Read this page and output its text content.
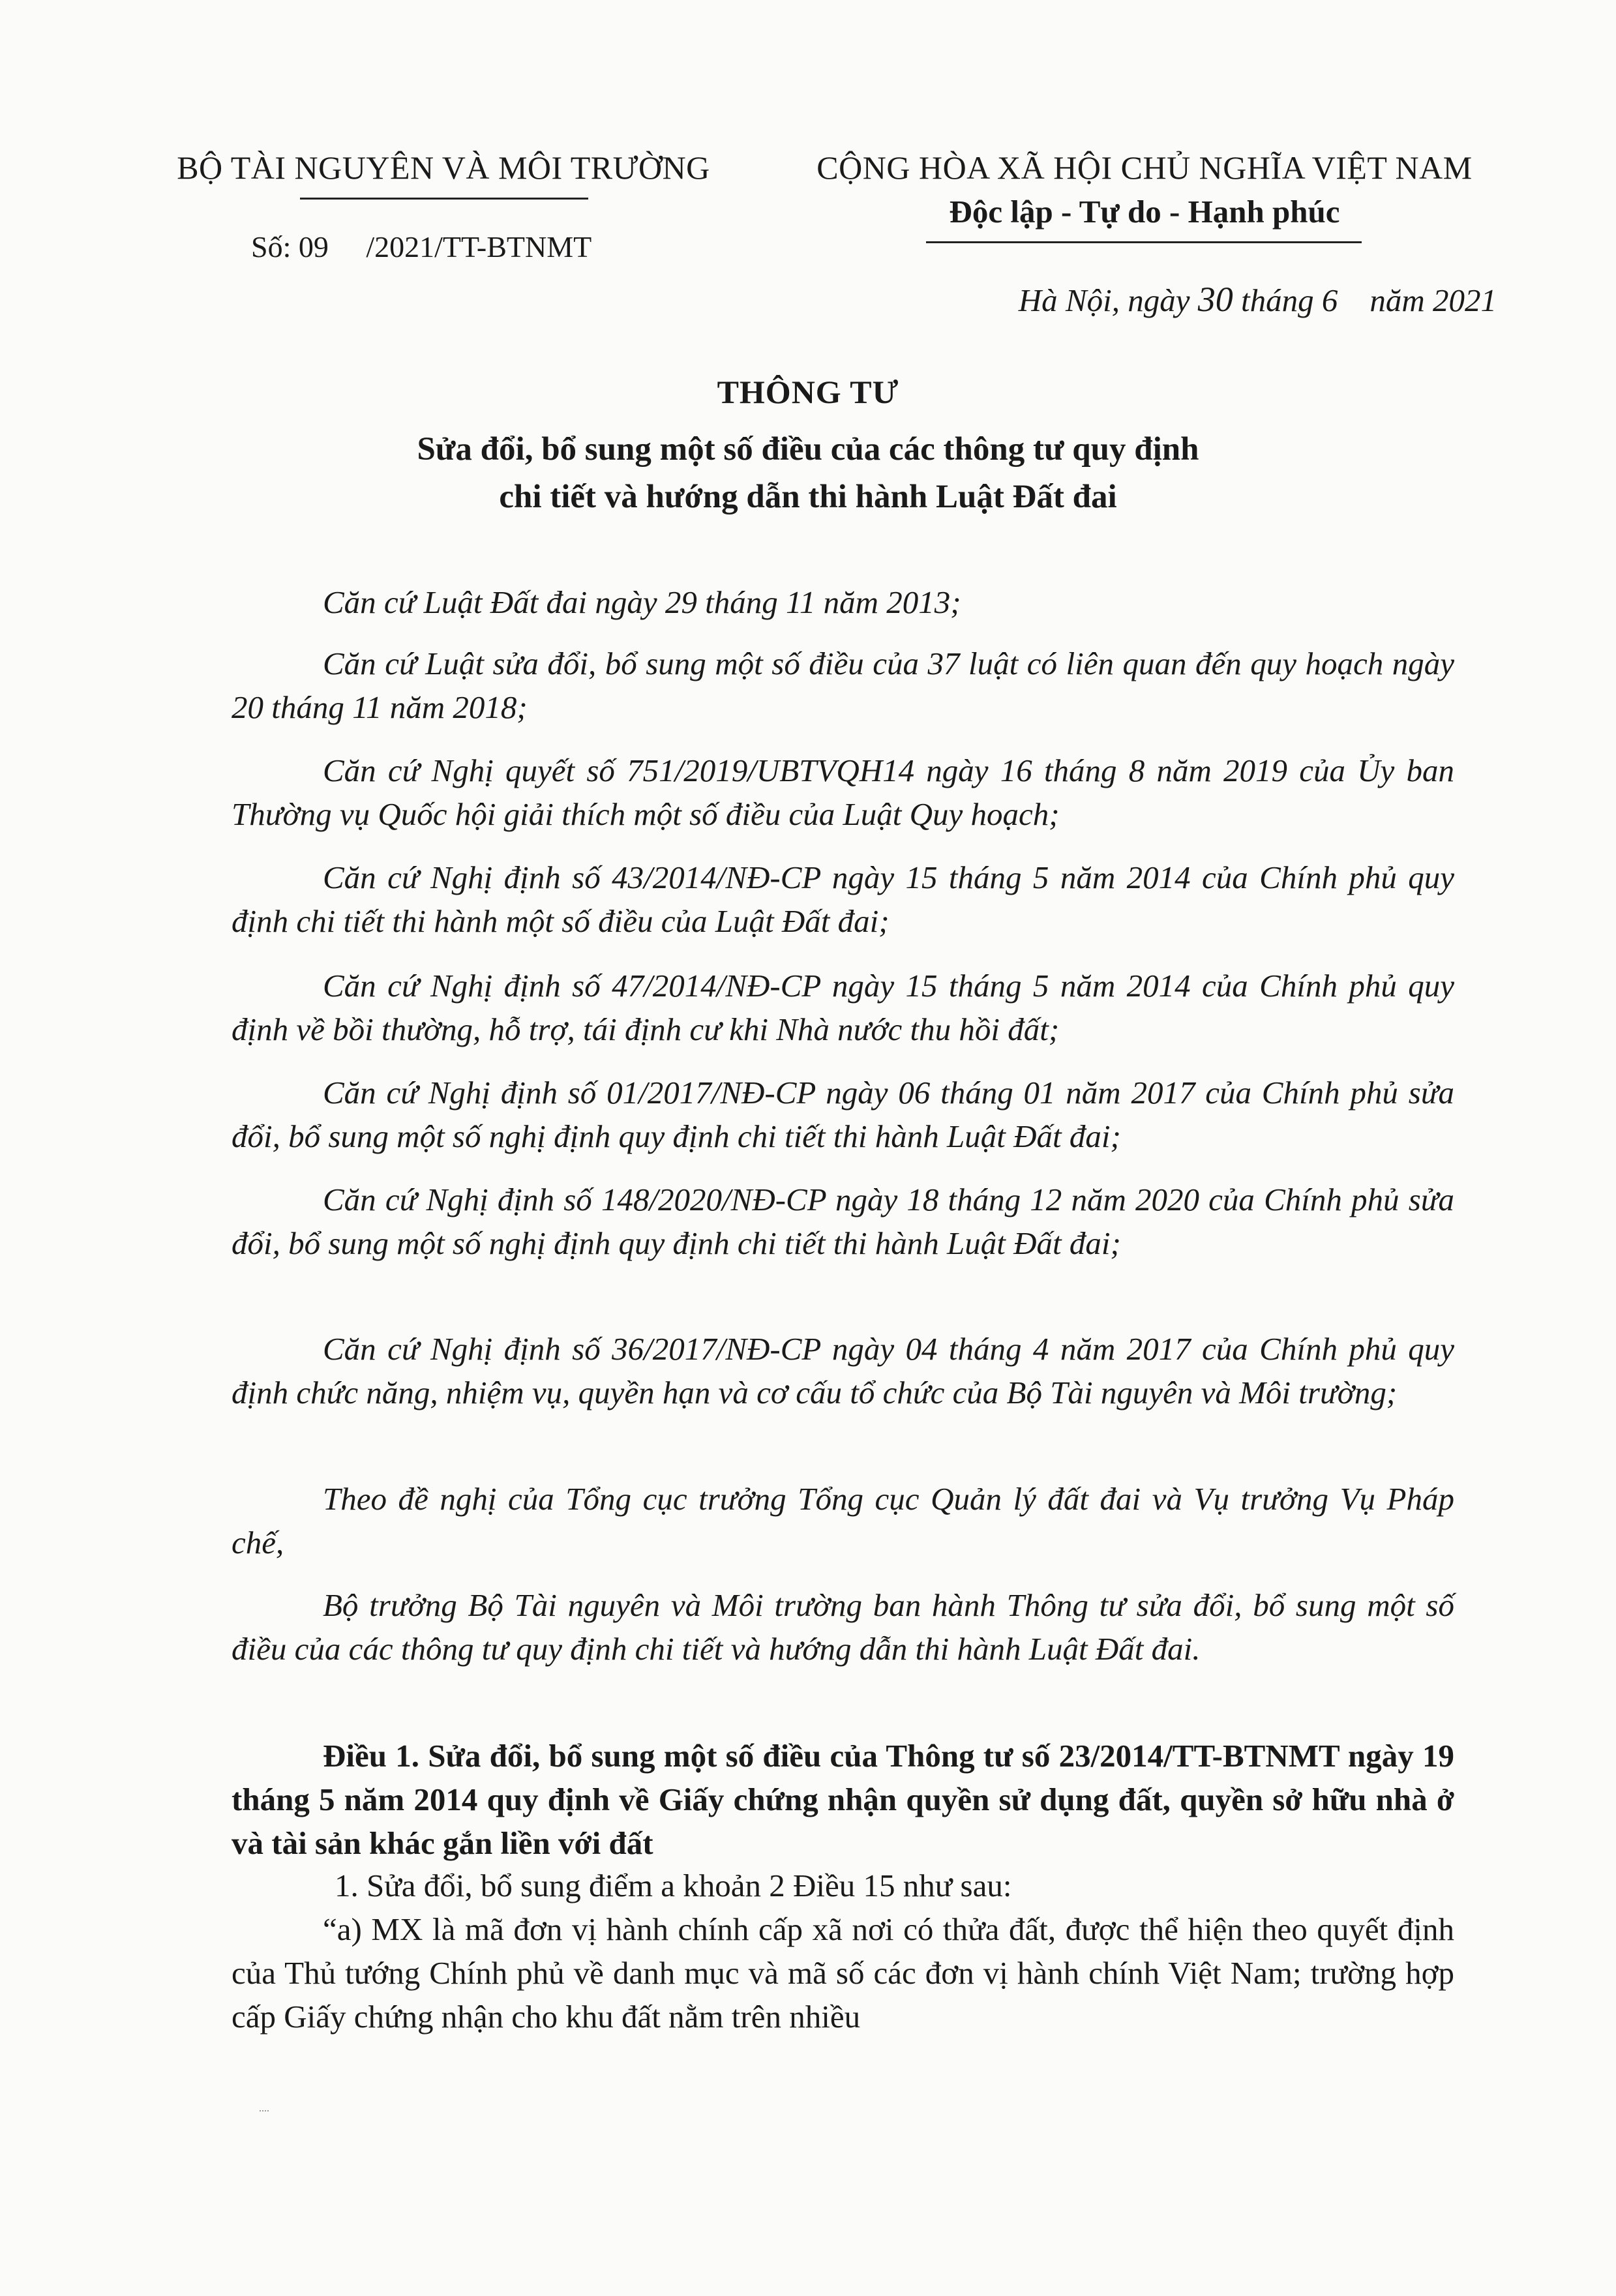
BỘ TÀI NGUYÊN VÀ MÔI TRƯỜNG
Số: 09 /2021/TT-BTNMT
CỘNG HÒA XÃ HỘI CHỦ NGHĨA VIỆT NAM
Độc lập - Tự do - Hạnh phúc
Hà Nội, ngày 30 tháng 6    năm 2021
THÔNG TƯ
Sửa đổi, bổ sung một số điều của các thông tư quy định
chi tiết và hướng dẫn thi hành Luật Đất đai
Căn cứ Luật Đất đai ngày 29 tháng 11 năm 2013;
Căn cứ Luật sửa đổi, bổ sung một số điều của 37 luật có liên quan đến quy hoạch ngày 20 tháng 11 năm 2018;
Căn cứ Nghị quyết số 751/2019/UBTVQH14 ngày 16 tháng 8 năm 2019 của Ủy ban Thường vụ Quốc hội giải thích một số điều của Luật Quy hoạch;
Căn cứ Nghị định số 43/2014/NĐ-CP ngày 15 tháng 5 năm 2014 của Chính phủ quy định chi tiết thi hành một số điều của Luật Đất đai;
Căn cứ Nghị định số 47/2014/NĐ-CP ngày 15 tháng 5 năm 2014 của Chính phủ quy định về bồi thường, hỗ trợ, tái định cư khi Nhà nước thu hồi đất;
Căn cứ Nghị định số 01/2017/NĐ-CP ngày 06 tháng 01 năm 2017 của Chính phủ sửa đổi, bổ sung một số nghị định quy định chi tiết thi hành Luật Đất đai;
Căn cứ Nghị định số 148/2020/NĐ-CP ngày 18 tháng 12 năm 2020 của Chính phủ sửa đổi, bổ sung một số nghị định quy định chi tiết thi hành Luật Đất đai;
Căn cứ Nghị định số 36/2017/NĐ-CP ngày 04 tháng 4 năm 2017 của Chính phủ quy định chức năng, nhiệm vụ, quyền hạn và cơ cấu tổ chức của Bộ Tài nguyên và Môi trường;
Theo đề nghị của Tổng cục trưởng Tổng cục Quản lý đất đai và Vụ trưởng Vụ Pháp chế,
Bộ trưởng Bộ Tài nguyên và Môi trường ban hành Thông tư sửa đổi, bổ sung một số điều của các thông tư quy định chi tiết và hướng dẫn thi hành Luật Đất đai.
Điều 1. Sửa đổi, bổ sung một số điều của Thông tư số 23/2014/TT-BTNMT ngày 19 tháng 5 năm 2014 quy định về Giấy chứng nhận quyền sử dụng đất, quyền sở hữu nhà ở và tài sản khác gắn liền với đất
1. Sửa đổi, bổ sung điểm a khoản 2 Điều 15 như sau:
“a) MX là mã đơn vị hành chính cấp xã nơi có thửa đất, được thể hiện theo quyết định của Thủ tướng Chính phủ về danh mục và mã số các đơn vị hành chính Việt Nam; trường hợp cấp Giấy chứng nhận cho khu đất nằm trên nhiều
